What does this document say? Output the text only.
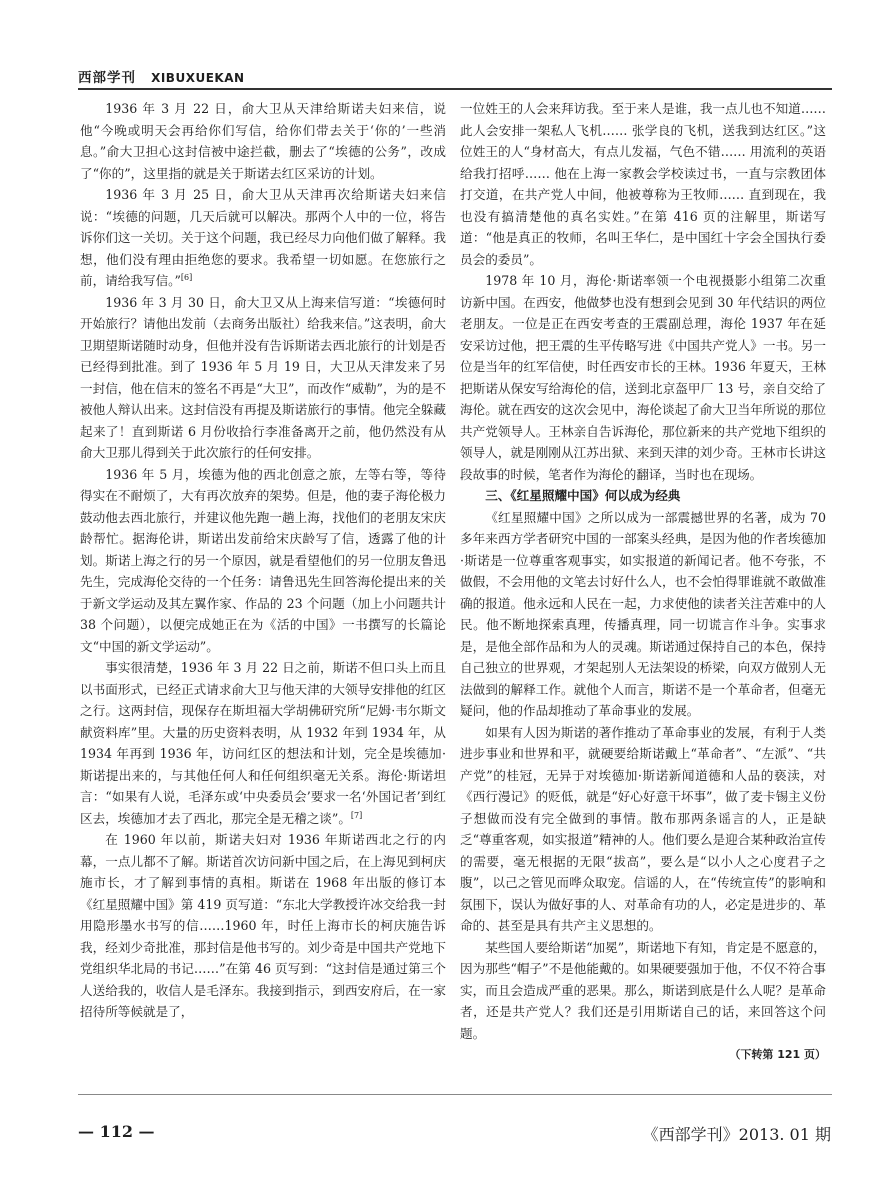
西部学刊 XIBUXUEKAN

1936 年 3 月 22 日，俞大卫从天津给斯诺夫妇来信，说他“今晚或明天会再给你们写信，给你们带去关于‘你的’一些消息。”俞大卫担心这封信被中途拦截，删去了“埃德的公务”，改成了“你的”，这里指的就是关于斯诺去红区采访的计划。

1936 年 3 月 25 日，俞大卫从天津再次给斯诺夫妇来信说：“埃德的问题，几天后就可以解决。那两个人中的一位，将告诉你们这一关切。关于这个问题，我已经尽力向他们做了解释。我想，他们没有理由拒绝您的要求。我希望一切如愿。在您旅行之前，请给我写信。”[6]

1936 年 3 月 30 日，俞大卫又从上海来信写道：“埃德何时开始旅行？请他出发前（去商务出版社）给我来信。”这表明，俞大卫期望斯诺随时动身，但他并没有告诉斯诺去西北旅行的计划是否已经得到批准。到了 1936 年 5 月 19 日，大卫从天津发来了另一封信，他在信末的签名不再是“大卫”，而改作“威勒”，为的是不被他人辩认出来。这封信没有再提及斯诺旅行的事情。他完全躲藏起来了！直到斯诺 6 月份收拾行李准备离开之前，他仍然没有从俞大卫那儿得到关于此次旅行的任何安排。

1936 年 5 月，埃德为他的西北创意之旅，左等右等，等待得实在不耐烦了，大有再次放弃的架势。但是，他的妻子海伦极力鼓动他去西北旅行，并建议他先跑一趟上海，找他们的老朋友宋庆龄帮忙。据海伦讲，斯诺出发前给宋庆龄写了信，透露了他的计划。斯诺上海之行的另一个原因，就是看望他们的另一位朋友鲁迅先生，完成海伦交待的一个任务：请鲁迅先生回答海伦提出来的关于新文学运动及其左翼作家、作品的 23 个问题（加上小问题共计 38 个问题），以便完成她正在为《活的中国》一书撰写的长篇论文“中国的新文学运动”。

事实很清楚，1936 年 3 月 22 日之前，斯诺不但口头上而且以书面形式，已经正式请求俞大卫与他天津的大领导安排他的红区之行。这两封信，现保存在斯坦福大学胡佛研究所“尼姆·韦尔斯文献资料库”里。大量的历史资料表明，从 1932 年到 1934 年，从 1934 年再到 1936 年，访问红区的想法和计划，完全是埃德加·斯诺提出来的，与其他任何人和任何组织毫无关系。海伦·斯诺坦言：“如果有人说，毛泽东或‘中央委员会’要求一名‘外国记者’到红区去，埃德加才去了西北，那完全是无稽之谈”。[7]

在 1960 年以前，斯诺夫妇对 1936 年斯诺西北之行的内幕，一点儿都不了解。斯诺首次访问新中国之后，在上海见到柯庆施市长，才了解到事情的真相。斯诺在 1968 年出版的修订本《红星照耀中国》第 419 页写道：“东北大学教授许冰交给我一封用隐形墨水书写的信……1960 年，时任上海市长的柯庆施告诉我，经刘少奇批准，那封信是他书写的。刘少奇是中国共产党地下党组织华北局的书记……”在第 46 页写到：“这封信是通过第三个人送给我的，收信人是毛泽东。我接到指示，到西安府后，在一家招待所等候就是了，

一位姓王的人会来拜访我。至于来人是谁，我一点儿也不知道…… 此人会安排一架私人飞机…… 张学良的飞机，送我到达红区。”这位姓王的人“身材高大，有点儿发福，气色不错…… 用流利的英语给我打招呼…… 他在上海一家教会学校读过书，一直与宗教团体打交道，在共产党人中间，他被尊称为王牧师…… 直到现在，我也没有搞清楚他的真名实姓。”在第 416 页的注解里，斯诺写道：“他是真正的牧师，名叫王华仁，是中国红十字会全国执行委员会的委员”。

1978 年 10 月，海伦·斯诺率领一个电视摄影小组第二次重访新中国。在西安，他做梦也没有想到会见到 30 年代结识的两位老朋友。一位是正在西安考查的王震副总理，海伦 1937 年在延安采访过他，把王震的生平传略写进《中国共产党人》一书。另一位是当年的红军信使，时任西安市长的王林。1936 年夏天，王林把斯诺从保安写给海伦的信，送到北京盔甲厂 13 号，亲自交给了海伦。就在西安的这次会见中，海伦谈起了俞大卫当年所说的那位共产党领导人。王林亲自告诉海伦，那位新来的共产党地下组织的领导人，就是刚刚从江苏出狱、来到天津的刘少奇。王林市长讲这段故事的时候，笔者作为海伦的翻译，当时也在现场。

三、《红星照耀中国》何以成为经典

《红星照耀中国》之所以成为一部震撼世界的名著，成为 70 多年来西方学者研究中国的一部案头经典，是因为他的作者埃德加·斯诺是一位尊重客观事实，如实报道的新闻记者。他不夸张，不做假，不会用他的文笔去讨好什么人，也不会怕得罪谁就不敢做准确的报道。他永远和人民在一起，力求使他的读者关注苦难中的人民。他不断地探索真理，传播真理，同一切谎言作斗争。实事求是，是他全部作品和为人的灵魂。斯诺通过保持自己的本色，保持自己独立的世界观，才架起别人无法架设的桥梁，向双方做别人无法做到的解释工作。就他个人而言，斯诺不是一个革命者，但毫无疑问，他的作品却推动了革命事业的发展。

如果有人因为斯诺的著作推动了革命事业的发展，有利于人类进步事业和世界和平，就硬要给斯诺戴上“革命者”、“左派”、“共产党”的桂冠，无异于对埃德加·斯诺新闻道德和人品的亵渎，对《西行漫记》的贬低，就是“好心好意干坏事”，做了麦卡锡主义份子想做而没有完全做到的事情。散布那两条谣言的人，正是缺乏“尊重客观，如实报道”精神的人。他们要么是迎合某种政治宣传的需要，毫无根据的无限“拔高”，要么是“以小人之心度君子之腹”，以己之管见而哗众取宠。信谣的人，在“传统宣传”的影响和氛围下，误认为做好事的人、对革命有功的人，必定是进步的、革命的、甚至是具有共产主义思想的。

某些国人要给斯诺“加冕”，斯诺地下有知，肯定是不愿意的，因为那些“帽子”不是他能戴的。如果硬要强加于他，不仅不符合事实，而且会造成严重的恶果。那么，斯诺到底是什么人呢？是革命者，还是共产党人？我们还是引用斯诺自己的话，来回答这个问题。

（下转第 121 页）

— 112 —	《西部学刊》2013. 01 期
